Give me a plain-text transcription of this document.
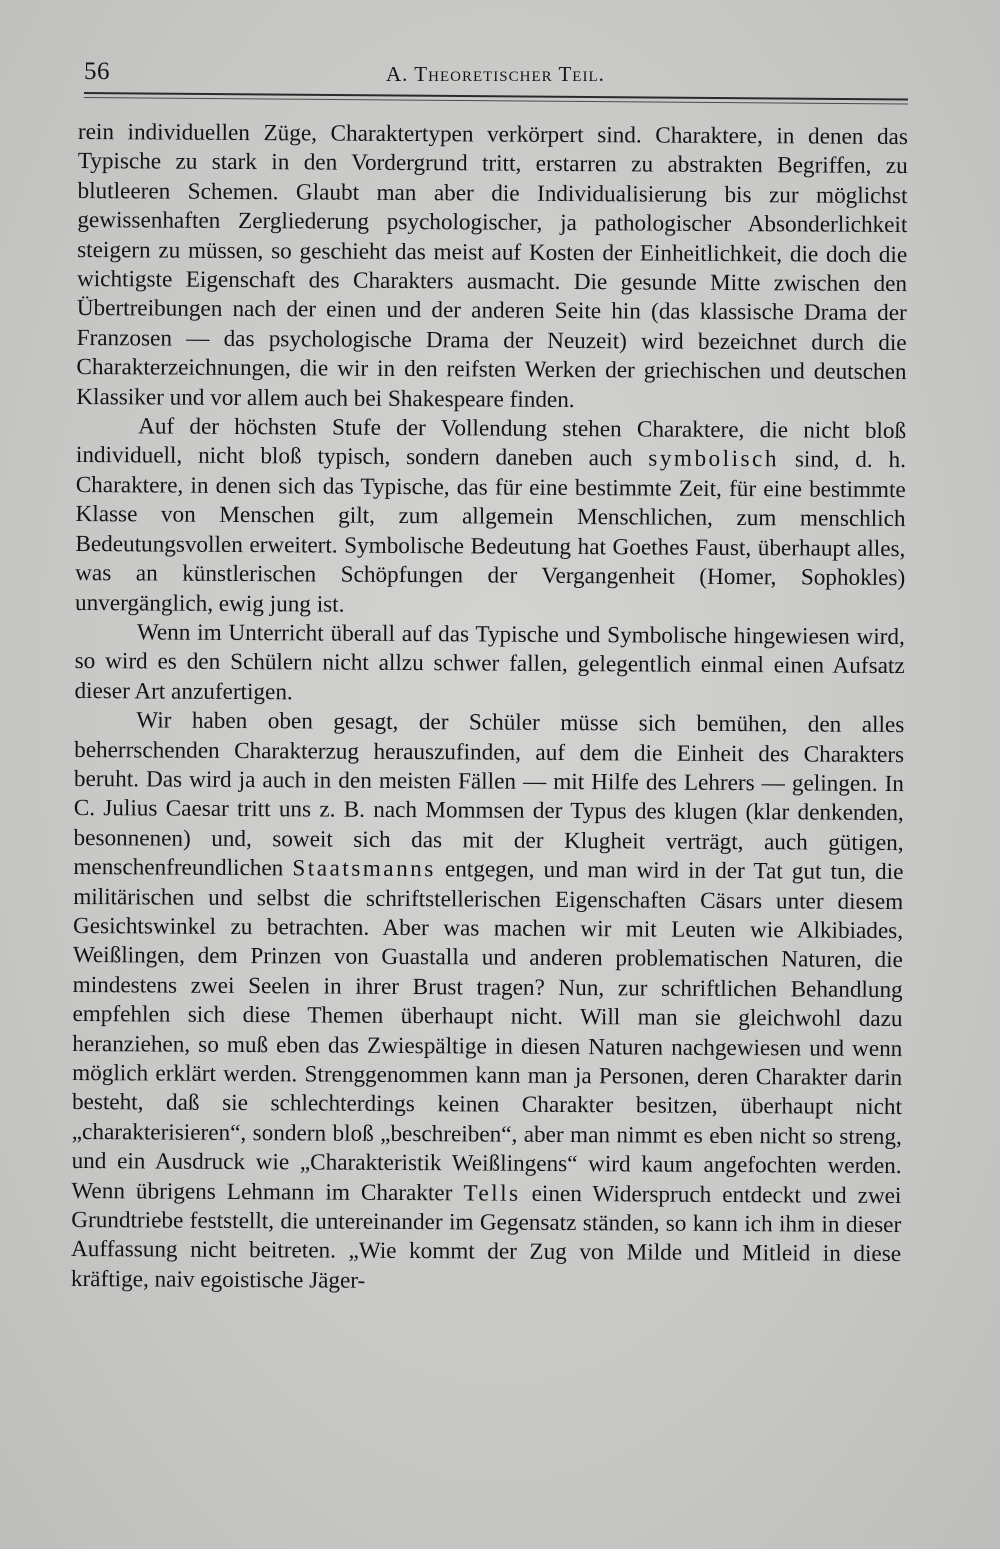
56	A. Theoretischer Teil.

rein individuellen Züge, Charaktertypen verkörpert sind. Charaktere, in denen das Typische zu stark in den Vordergrund tritt, erstarren zu abstrakten Begriffen, zu blutleeren Schemen. Glaubt man aber die Individualisierung bis zur möglichst gewissenhaften Zergliederung psychologischer, ja pathologischer Absonderlichkeit steigern zu müssen, so geschieht das meist auf Kosten der Einheitlichkeit, die doch die wichtigste Eigenschaft des Charakters ausmacht. Die gesunde Mitte zwischen den Übertreibungen nach der einen und der anderen Seite hin (das klassische Drama der Franzosen — das psychologische Drama der Neuzeit) wird bezeichnet durch die Charakterzeichnungen, die wir in den reifsten Werken der griechischen und deutschen Klassiker und vor allem auch bei Shakespeare finden.

Auf der höchsten Stufe der Vollendung stehen Charaktere, die nicht bloß individuell, nicht bloß typisch, sondern daneben auch symbolisch sind, d. h. Charaktere, in denen sich das Typische, das für eine bestimmte Zeit, für eine bestimmte Klasse von Menschen gilt, zum allgemein Menschlichen, zum menschlich Bedeutungsvollen erweitert. Symbolische Bedeutung hat Goethes Faust, überhaupt alles, was an künstlerischen Schöpfungen der Vergangenheit (Homer, Sophokles) unvergänglich, ewig jung ist.

Wenn im Unterricht überall auf das Typische und Symbolische hingewiesen wird, so wird es den Schülern nicht allzu schwer fallen, gelegentlich einmal einen Aufsatz dieser Art anzufertigen.

Wir haben oben gesagt, der Schüler müsse sich bemühen, den alles beherrschenden Charakterzug herauszufinden, auf dem die Einheit des Charakters beruht. Das wird ja auch in den meisten Fällen — mit Hilfe des Lehrers — gelingen. In C. Julius Caesar tritt uns z. B. nach Mommsen der Typus des klugen (klar denkenden, besonnenen) und, soweit sich das mit der Klugheit verträgt, auch gütigen, menschenfreundlichen Staatsmanns entgegen, und man wird in der Tat gut tun, die militärischen und selbst die schriftstellerischen Eigenschaften Cäsars unter diesem Gesichtswinkel zu betrachten. Aber was machen wir mit Leuten wie Alkibiades, Weißlingen, dem Prinzen von Guastalla und anderen problematischen Naturen, die mindestens zwei Seelen in ihrer Brust tragen? Nun, zur schriftlichen Behandlung empfehlen sich diese Themen überhaupt nicht. Will man sie gleichwohl dazu heranziehen, so muß eben das Zwiespältige in diesen Naturen nachgewiesen und wenn möglich erklärt werden. Strenggenommen kann man ja Personen, deren Charakter darin besteht, daß sie schlechterdings keinen Charakter besitzen, überhaupt nicht „charakterisieren“, sondern bloß „beschreiben“, aber man nimmt es eben nicht so streng, und ein Ausdruck wie „Charakteristik Weißlingens“ wird kaum angefochten werden. Wenn übrigens Lehmann im Charakter Tells einen Widerspruch entdeckt und zwei Grundtriebe feststellt, die untereinander im Gegensatz ständen, so kann ich ihm in dieser Auffassung nicht beitreten. „Wie kommt der Zug von Milde und Mitleid in diese kräftige, naiv egoistische Jäger-
